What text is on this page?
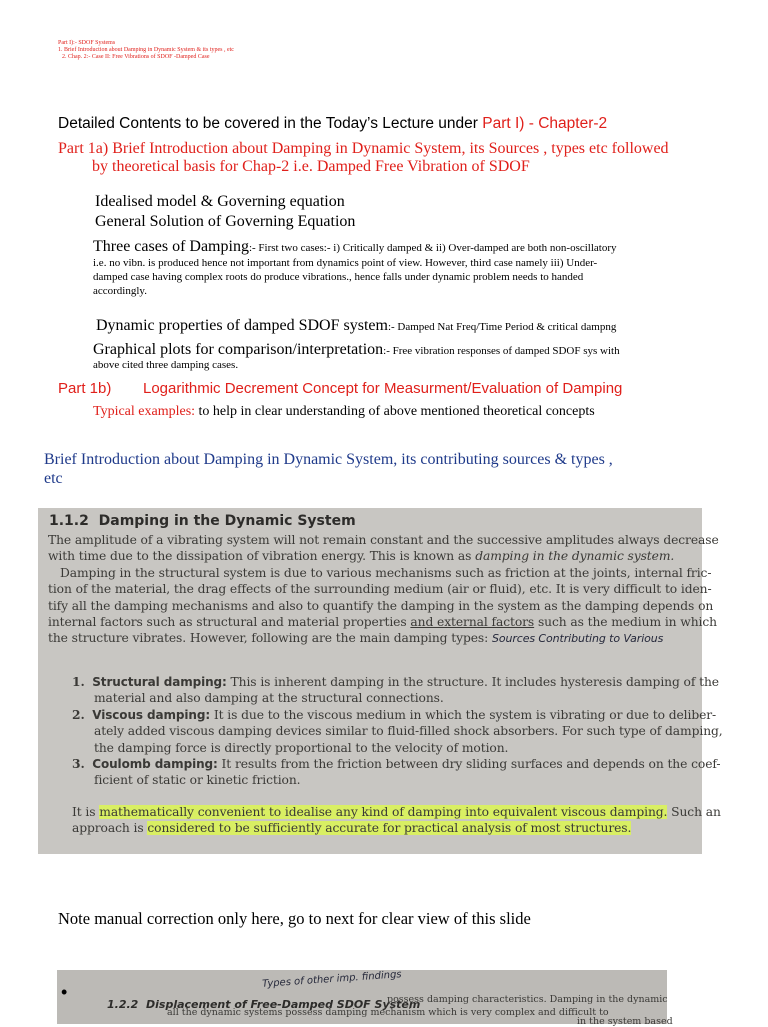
Part I):- SDOF Systems
1. Brief Introduction about Damping in Dynamic System & its types , etc
2. Chap. 2:- Case II: Free Vibrations of SDOF -Damped Case
Detailed Contents to be covered in the Today’s Lecture under Part I) - Chapter-2
Part 1a) Brief Introduction about Damping in Dynamic System, its Sources , types etc followed
by theoretical basis for Chap-2 i.e. Damped Free Vibration of SDOF
Idealised model & Governing equation
General Solution of Governing Equation
Three cases of Damping:- First two cases:- i) Critically damped & ii) Over-damped are both non-oscillatory
i.e. no vibn. is produced hence not important from dynamics point of view. However, third case namely iii) Under-
damped case having complex roots do produce vibrations., hence falls under dynamic problem needs to handed
accordingly.
Dynamic properties of damped SDOF system:- Damped Nat Freq/Time Period & critical dampng
Graphical plots for comparison/interpretation:- Free vibration responses of damped SDOF sys with
above cited three damping cases.
Part 1b) Logarithmic Decrement Concept for Measurment/Evaluation of Damping
Typical examples: to help in clear understanding of above mentioned theoretical concepts
Brief Introduction about Damping in Dynamic System, its contributing sources & types ,
etc
1.1.2 Damping in the Dynamic System

The amplitude of a vibrating system will not remain constant and the successive amplitudes always decrease

with time due to the dissipation of vibration energy. This is known as damping in the dynamic system.

Damping in the structural system is due to various mechanisms such as friction at the joints, internal fric-

tion of the material, the drag effects of the surrounding medium (air or fluid), etc. It is very difficult to iden-

tify all the damping mechanisms and also to quantify the damping in the system as the damping depends on

internal factors such as structural and material properties and external factors such as the medium in which

the structure vibrates. However, following are the main damping types: Sources Contributing to Various

1. Structural damping: This is inherent damping in the structure. It includes hysteresis damping of the

material and also damping at the structural connections.

2. Viscous damping: It is due to the viscous medium in which the system is vibrating or due to deliber-

ately added viscous damping devices similar to fluid-filled shock absorbers. For such type of damping,

the damping force is directly proportional to the velocity of motion.

3. Coulomb damping: It results from the friction between dry sliding surfaces and depends on the coef-

ficient of static or kinetic friction.

It is mathematically convenient to idealise any kind of damping into equivalent viscous damping. Such an

approach is considered to be sufficiently accurate for practical analysis of most structures.

Note manual correction only here, go to next for clear view of this slide
•
Types of other imp. findings
1.2.2 Displacement of Free-Damped SDOF System
possess damping characteristics. Damping in the dynamic
all the dynamic systems possess damping mechanism which is very complex and difficult to
in the system based
